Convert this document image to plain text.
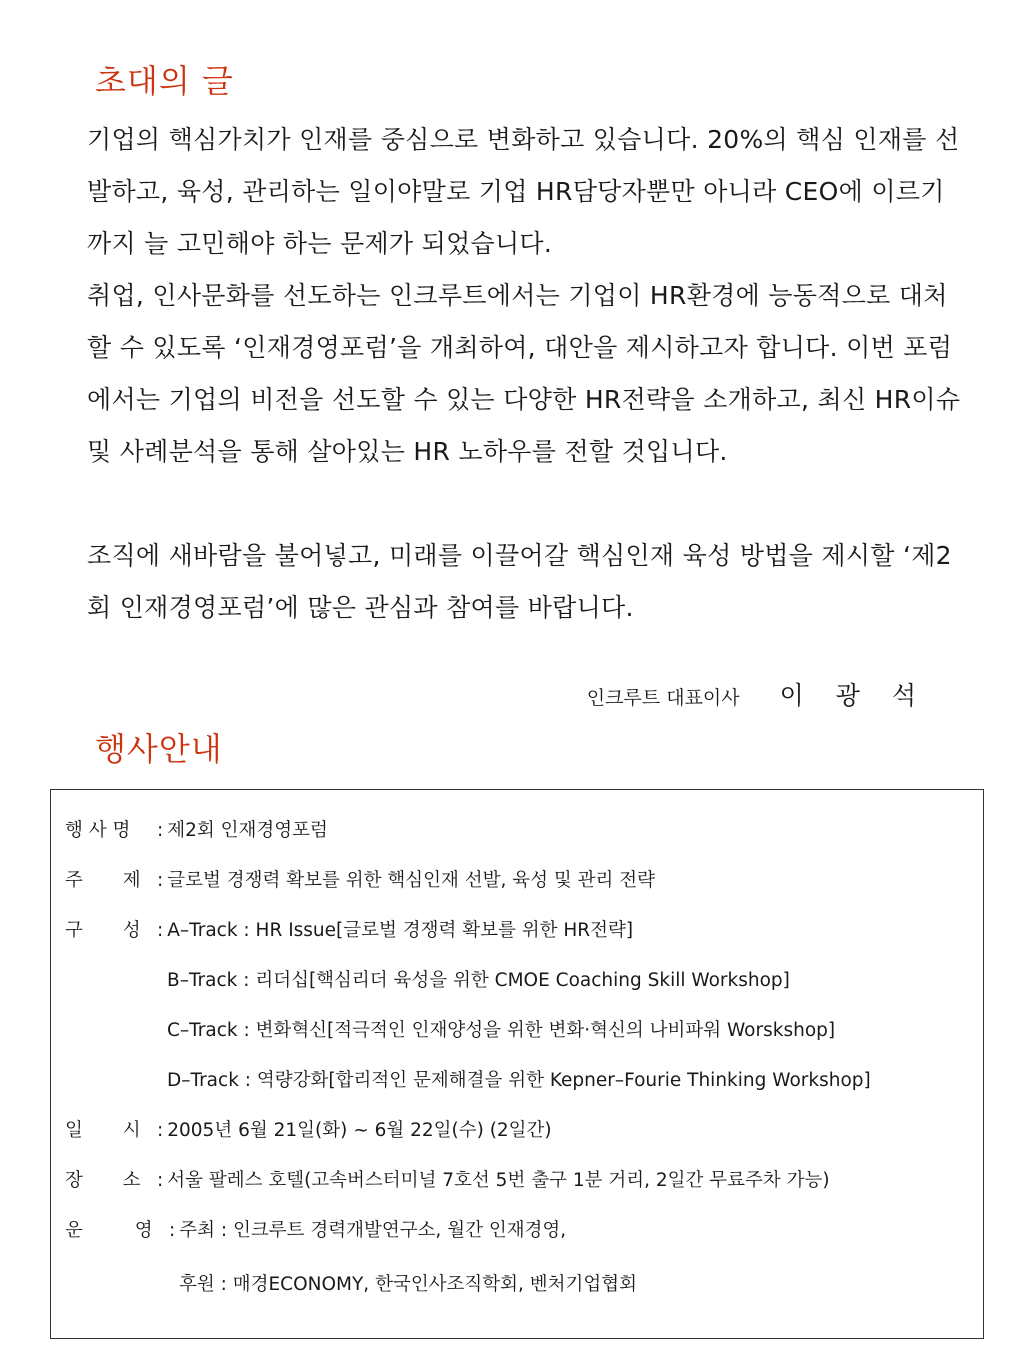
초대의 글

기업의 핵심가치가 인재를 중심으로 변화하고 있습니다. 20%의 핵심 인재를 선발하고, 육성, 관리하는 일이야말로 기업 HR담당자뿐만 아니라 CEO에 이르기까지 늘 고민해야 하는 문제가 되었습니다.

취업, 인사문화를 선도하는 인크루트에서는 기업이 HR환경에 능동적으로 대처할 수 있도록 ‘인재경영포럼’을 개최하여, 대안을 제시하고자 합니다. 이번 포럼에서는 기업의 비전을 선도할 수 있는 다양한 HR전략을 소개하고, 최신 HR이슈 및 사례분석을 통해 살아있는 HR 노하우를 전할 것입니다.

조직에 새바람을 불어넣고, 미래를 이끌어갈 핵심인재 육성 방법을 제시할 ‘제2회 인재경영포럼’에 많은 관심과 참여를 바랍니다.

인크루트 대표이사 이 광 석
행사안내
행 사 명 : 제2회 인재경영포럼
주 제 : 글로벌 경쟁력 확보를 위한 핵심인재 선발, 육성 및 관리 전략
구 성 : A–Track : HR Issue[글로벌 경쟁력 확보를 위한 HR전략]
B–Track : 리더십[핵심리더 육성을 위한 CMOE Coaching Skill Workshop]
C–Track : 변화혁신[적극적인 인재양성을 위한 변화·혁신의 나비파워 Worskshop]
D–Track : 역량강화[합리적인 문제해결을 위한 Kepner–Fourie Thinking Workshop]
일 시 : 2005년 6월 21일(화) ~ 6월 22일(수) (2일간)
장 소 : 서울 팔레스 호텔(고속버스터미널 7호선 5번 출구 1분 거리, 2일간 무료주차 가능)
운 영 : 주최 : 인크루트 경력개발연구소, 월간 인재경영,
후원 : 매경ECONOMY, 한국인사조직학회, 벤처기업협회
